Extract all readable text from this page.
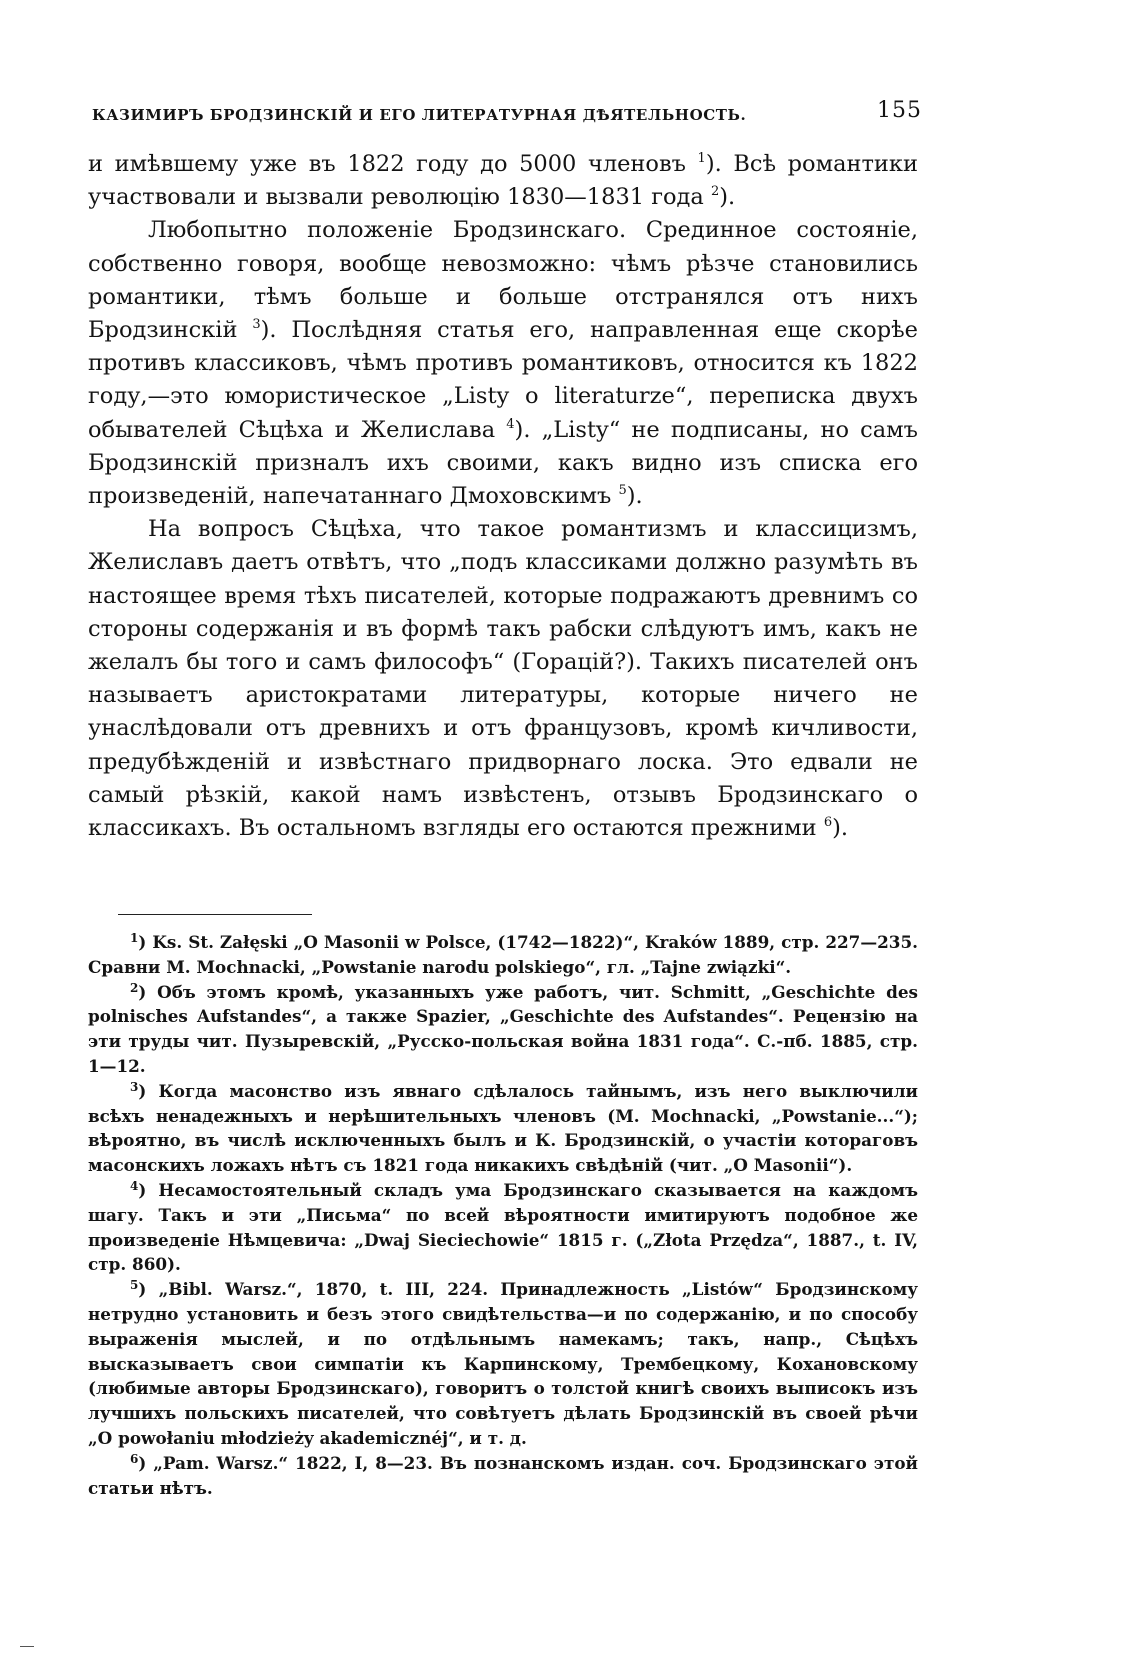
КАЗИМИРЪ БРОДЗИНСКІЙ И ЕГО ЛИТЕРАТУРНАЯ ДѢЯТЕЛЬНОСТЬ.	155

и имѣвшему уже въ 1822 году до 5000 членовъ $^1$). Всѣ романтики участвовали и вызвали революцію 1830—1831 года $^2$).

Любопытно положеніе Бродзинскаго. Срединное состояніе, собственно говоря, вообще невозможно: чѣмъ рѣзче становились романтики, тѣмъ больше и больше отстранялся отъ нихъ Бродзинскій $^3$). Послѣдняя статья его, направленная еще скорѣе противъ классиковъ, чѣмъ противъ романтиковъ, относится къ 1822 году,—это юмористическое „Listy o literaturze“, переписка двухъ обывателей Сѣцѣха и Желислава $^4$). „Listy“ не подписаны, но самъ Бродзинскій призналъ ихъ своими, какъ видно изъ списка его произведеній, напечатаннаго Дмоховскимъ $^5$).

На вопросъ Сѣцѣха, что такое романтизмъ и классицизмъ, Желиславъ даетъ отвѣтъ, что „подъ классиками должно разумѣть въ настоящее время тѣхъ писателей, которые подражаютъ древнимъ со стороны содержанія и въ формѣ такъ рабски слѣдуютъ имъ, какъ не желалъ бы того и самъ философъ“ (Горацій?). Такихъ писателей онъ называетъ аристократами литературы, которые ничего не унаслѣдовали отъ древнихъ и отъ французовъ, кромѣ кичливости, предубѣжденій и извѣстнаго придворнаго лоска. Это едвали не самый рѣзкій, какой намъ извѣстенъ, отзывъ Бродзинскаго о классикахъ. Въ остальномъ взгляды его остаются прежними $^6$).

$^1$) Ks. St. Załęski „O Masonii w Polsce, (1742—1822)“, Kraków 1889, стр. 227—235. Сравни M. Mochnacki, „Powstanie narodu polskiego“, гл. „Tajne związki“.

$^2$) Объ этомъ кромѣ, указанныхъ уже работъ, чит. Schmitt, „Geschichte des polnisches Aufstandes“, а также Spazier, „Geschichte des Aufstandes“. Рецензію на эти труды чит. Пузыревскій, „Русско-польская война 1831 года“. С.-пб. 1885, стр. 1—12.

$^3$) Когда масонство изъ явнаго сдѣлалось тайнымъ, изъ него выключили всѣхъ ненадежныхъ и нерѣшительныхъ членовъ (M. Mochnacki, „Powstanie...“); вѣроятно, въ числѣ исключенныхъ былъ и К. Бродзинскій, о участіи котораговъ масонскихъ ложахъ нѣтъ съ 1821 года никакихъ свѣдѣній (чит. „O Masonii“).

$^4$) Несамостоятельный складъ ума Бродзинскаго сказывается на каждомъ шагу. Такъ и эти „Письма“ по всей вѣроятности имитируютъ подобное же произведеніе Нѣмцевича: „Dwaj Sieciechowie“ 1815 г. („Złota Przędza“, 1887., t. IV, стр. 860).

$^5$) „Bibl. Warsz.“, 1870, t. III, 224. Принадлежность „Listów“ Бродзинскому нетрудно установить и безъ этого свидѣтельства—и по содержанію, и по способу выраженія мыслей, и по отдѣльнымъ намекамъ; такъ, напр., Сѣцѣхъ высказываетъ свои симпатіи къ Карпинскому, Трембецкому, Кохановскому (любимые авторы Бродзинскаго), говоритъ о толстой книгѣ своихъ выписокъ изъ лучшихъ польскихъ писателей, что совѣтуетъ дѣлать Бродзинскій въ своей рѣчи „O powołaniu młodzieży akademicznéj“, и т. д.

$^6$) „Pam. Warsz.“ 1822, I, 8—23. Въ познанскомъ издан. соч. Бродзинскаго этой статьи нѣтъ.
